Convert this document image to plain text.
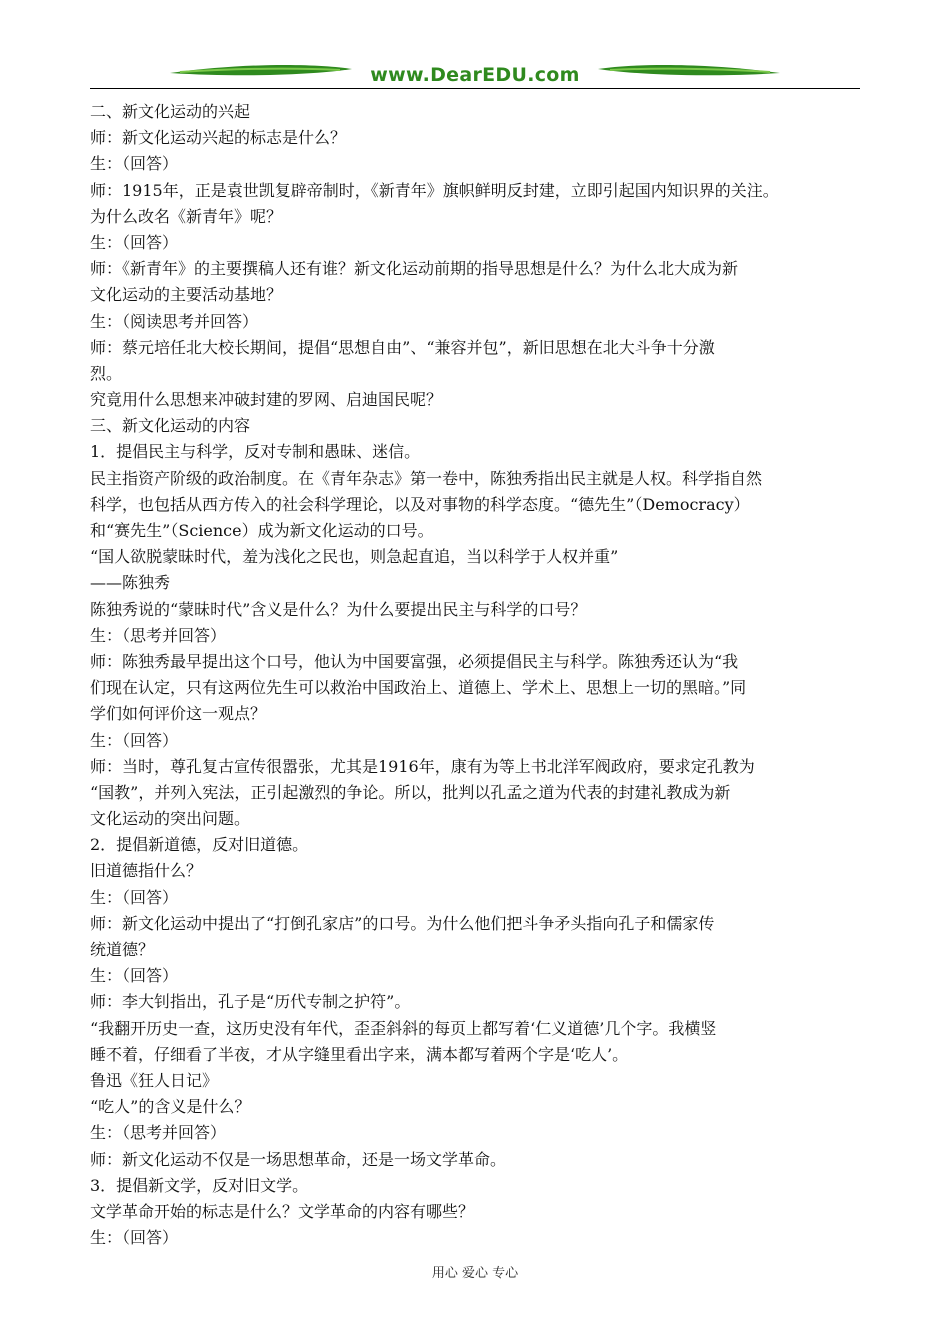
www.DearEDU.com
二、新文化运动的兴起
师：新文化运动兴起的标志是什么？
生：（回答）
师：1915年，正是袁世凯复辟帝制时，《新青年》旗帜鲜明反封建，立即引起国内知识界的关注。
为什么改名《新青年》呢？
生：（回答）
师：《新青年》的主要撰稿人还有谁？新文化运动前期的指导思想是什么？为什么北大成为新
文化运动的主要活动基地？
生：（阅读思考并回答）
师：蔡元培任北大校长期间，提倡“思想自由”、“兼容并包”，新旧思想在北大斗争十分激
烈。
究竟用什么思想来冲破封建的罗网、启迪国民呢？
三、新文化运动的内容
1．提倡民主与科学，反对专制和愚昧、迷信。
民主指资产阶级的政治制度。在《青年杂志》第一卷中，陈独秀指出民主就是人权。科学指自然
科学，也包括从西方传入的社会科学理论，以及对事物的科学态度。“德先生”（Democracy）
和“赛先生”（Science）成为新文化运动的口号。
“国人欲脱蒙昧时代，羞为浅化之民也，则急起直追，当以科学于人权并重”
——陈独秀
陈独秀说的“蒙昧时代”含义是什么？为什么要提出民主与科学的口号？
生：（思考并回答）
师：陈独秀最早提出这个口号，他认为中国要富强，必须提倡民主与科学。陈独秀还认为“我
们现在认定，只有这两位先生可以救治中国政治上、道德上、学术上、思想上一切的黑暗。”同
学们如何评价这一观点？
生：（回答）
师：当时，尊孔复古宣传很嚣张，尤其是1916年，康有为等上书北洋军阀政府，要求定孔教为
“国教”，并列入宪法，正引起激烈的争论。所以，批判以孔孟之道为代表的封建礼教成为新
文化运动的突出问题。
2．提倡新道德，反对旧道德。
旧道德指什么？
生：（回答）
师：新文化运动中提出了“打倒孔家店”的口号。为什么他们把斗争矛头指向孔子和儒家传
统道德？
生：（回答）
师：李大钊指出，孔子是“历代专制之护符”。
“我翻开历史一查，这历史没有年代，歪歪斜斜的每页上都写着‘仁义道德’几个字。我横竖
睡不着，仔细看了半夜，才从字缝里看出字来，满本都写着两个字是‘吃人’。
鲁迅《狂人日记》
“吃人”的含义是什么？
生：（思考并回答）
师：新文化运动不仅是一场思想革命，还是一场文学革命。
3．提倡新文学，反对旧文学。
文学革命开始的标志是什么？文学革命的内容有哪些？
生：（回答）
用心 爱心 专心
